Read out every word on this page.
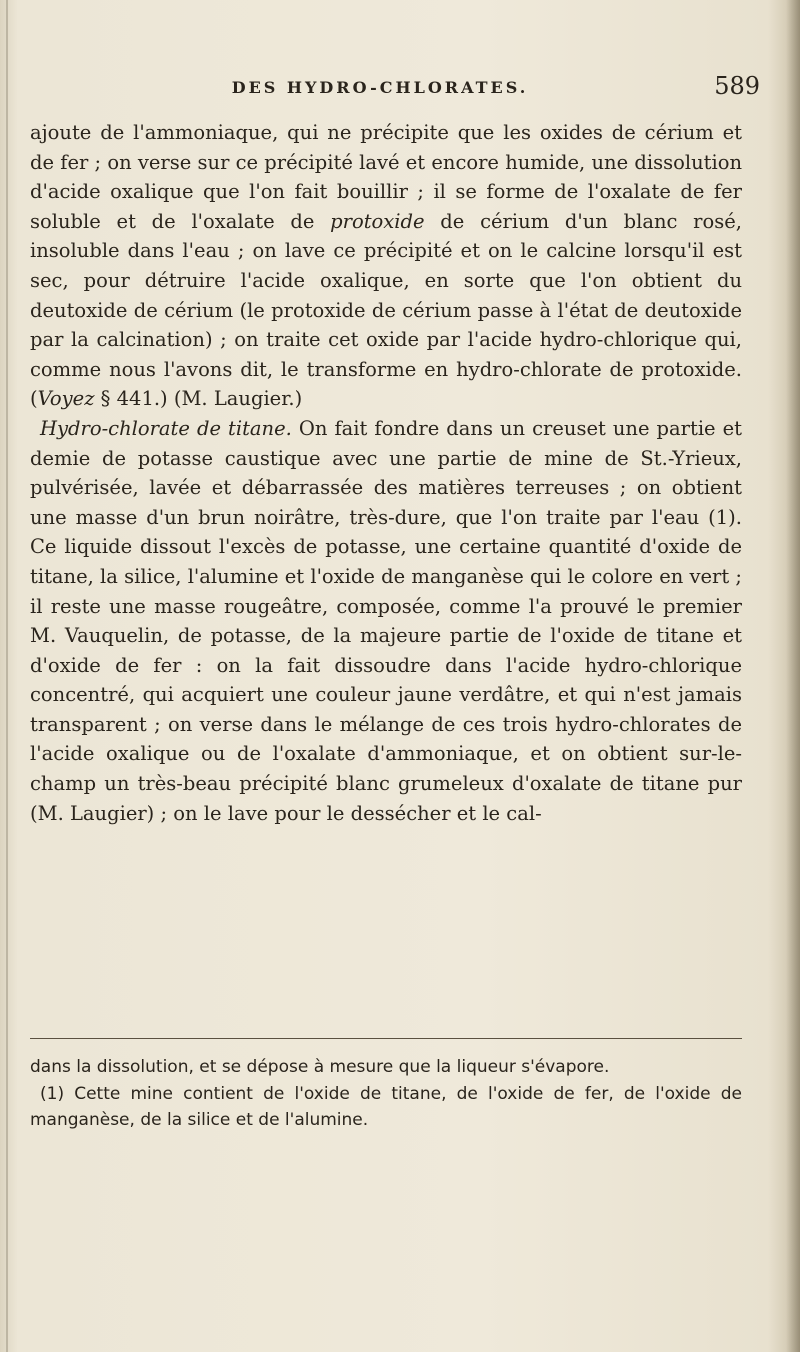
DES HYDRO-CHLORATES.	589

ajoute de l'ammoniaque, qui ne précipite que les oxides de cérium et de fer ; on verse sur ce précipité lavé et encore humide, une dissolution d'acide oxalique que l'on fait bouillir ; il se forme de l'oxalate de fer soluble et de l'oxalate de protoxide de cérium d'un blanc rosé, insoluble dans l'eau ; on lave ce précipité et on le calcine lorsqu'il est sec, pour détruire l'acide oxalique, en sorte que l'on obtient du deutoxide de cérium (le protoxide de cérium passe à l'état de deutoxide par la calcination) ; on traite cet oxide par l'acide hydro-chlorique qui, comme nous l'avons dit, le transforme en hydro-chlorate de protoxide. (Voyez § 441.) (M. Laugier.)

Hydro-chlorate de titane. On fait fondre dans un creuset une partie et demie de potasse caustique avec une partie de mine de St.-Yrieux, pulvérisée, lavée et débarrassée des matières terreuses ; on obtient une masse d'un brun noirâtre, très-dure, que l'on traite par l'eau (1). Ce liquide dissout l'excès de potasse, une certaine quantité d'oxide de titane, la silice, l'alumine et l'oxide de manganèse qui le colore en vert ; il reste une masse rougeâtre, composée, comme l'a prouvé le premier M. Vauquelin, de potasse, de la majeure partie de l'oxide de titane et d'oxide de fer : on la fait dissoudre dans l'acide hydro-chlorique concentré, qui acquiert une couleur jaune verdâtre, et qui n'est jamais transparent ; on verse dans le mélange de ces trois hydro-chlorates de l'acide oxalique ou de l'oxalate d'ammoniaque, et on obtient sur-le-champ un très-beau précipité blanc grumeleux d'oxalate de titane pur (M. Laugier) ; on le lave pour le dessécher et le cal-

dans la dissolution, et se dépose à mesure que la liqueur s'évapore.

(1) Cette mine contient de l'oxide de titane, de l'oxide de fer, de l'oxide de manganèse, de la silice et de l'alumine.
